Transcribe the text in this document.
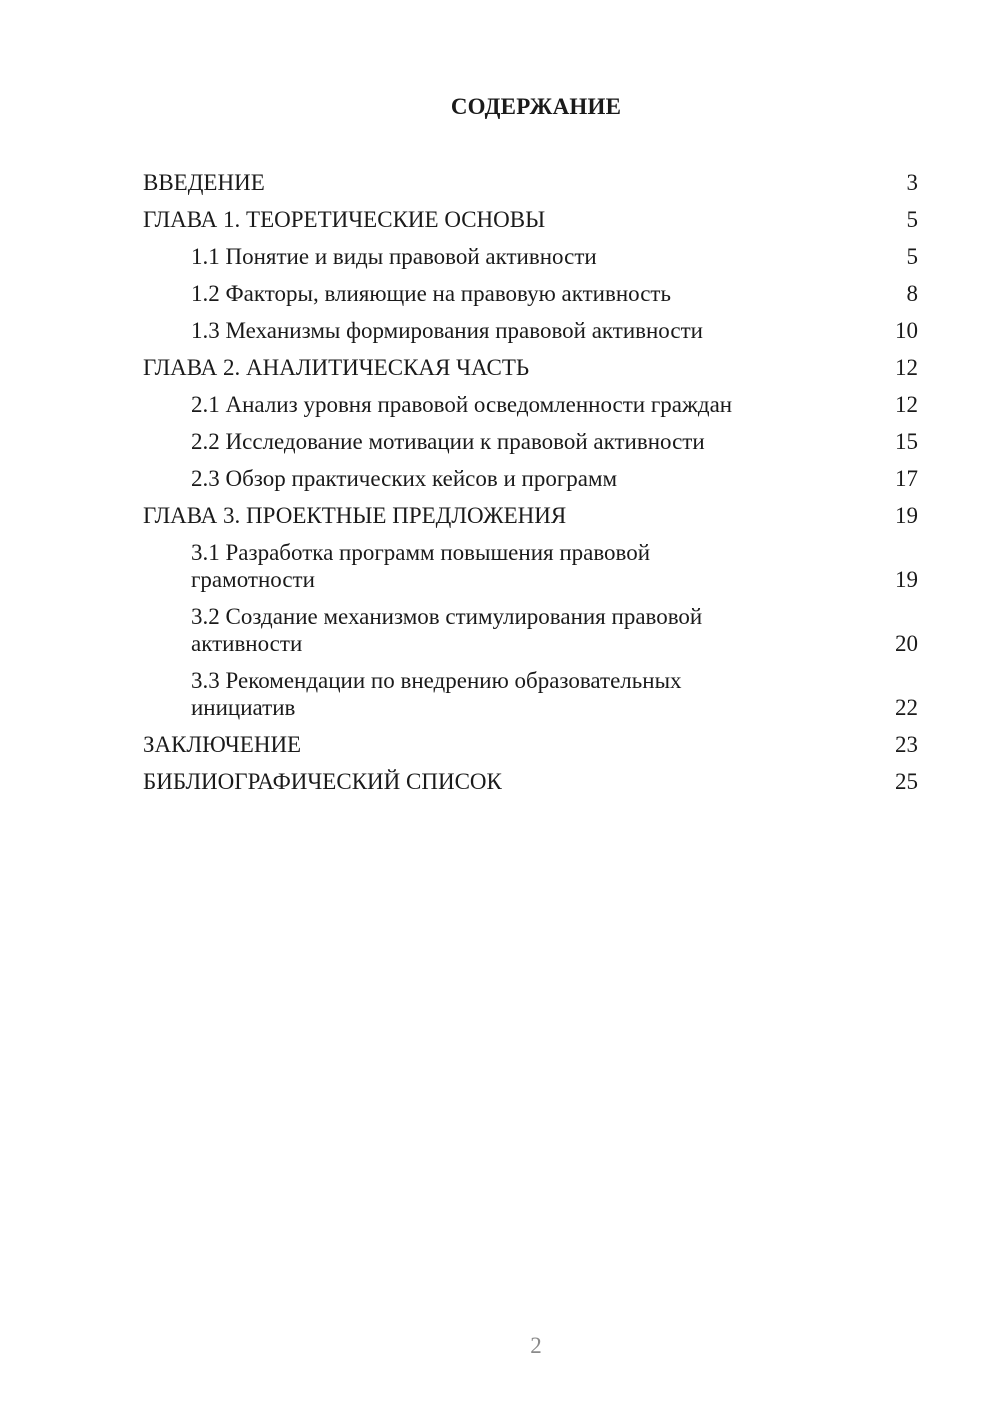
СОДЕРЖАНИЕ
ВВЕДЕНИЕ	3
ГЛАВА 1. ТЕОРЕТИЧЕСКИЕ ОСНОВЫ	5
1.1 Понятие и виды правовой активности	5
1.2 Факторы, влияющие на правовую активность	8
1.3 Механизмы формирования правовой активности	10
ГЛАВА 2. АНАЛИТИЧЕСКАЯ ЧАСТЬ	12
2.1 Анализ уровня правовой осведомленности граждан	12
2.2 Исследование мотивации к правовой активности	15
2.3 Обзор практических кейсов и программ	17
ГЛАВА 3. ПРОЕКТНЫЕ ПРЕДЛОЖЕНИЯ	19
3.1 Разработка программ повышения правовой грамотности	19
3.2 Создание механизмов стимулирования правовой активности	20
3.3 Рекомендации по внедрению образовательных инициатив	22
ЗАКЛЮЧЕНИЕ	23
БИБЛИОГРАФИЧЕСКИЙ СПИСОК	25
2
